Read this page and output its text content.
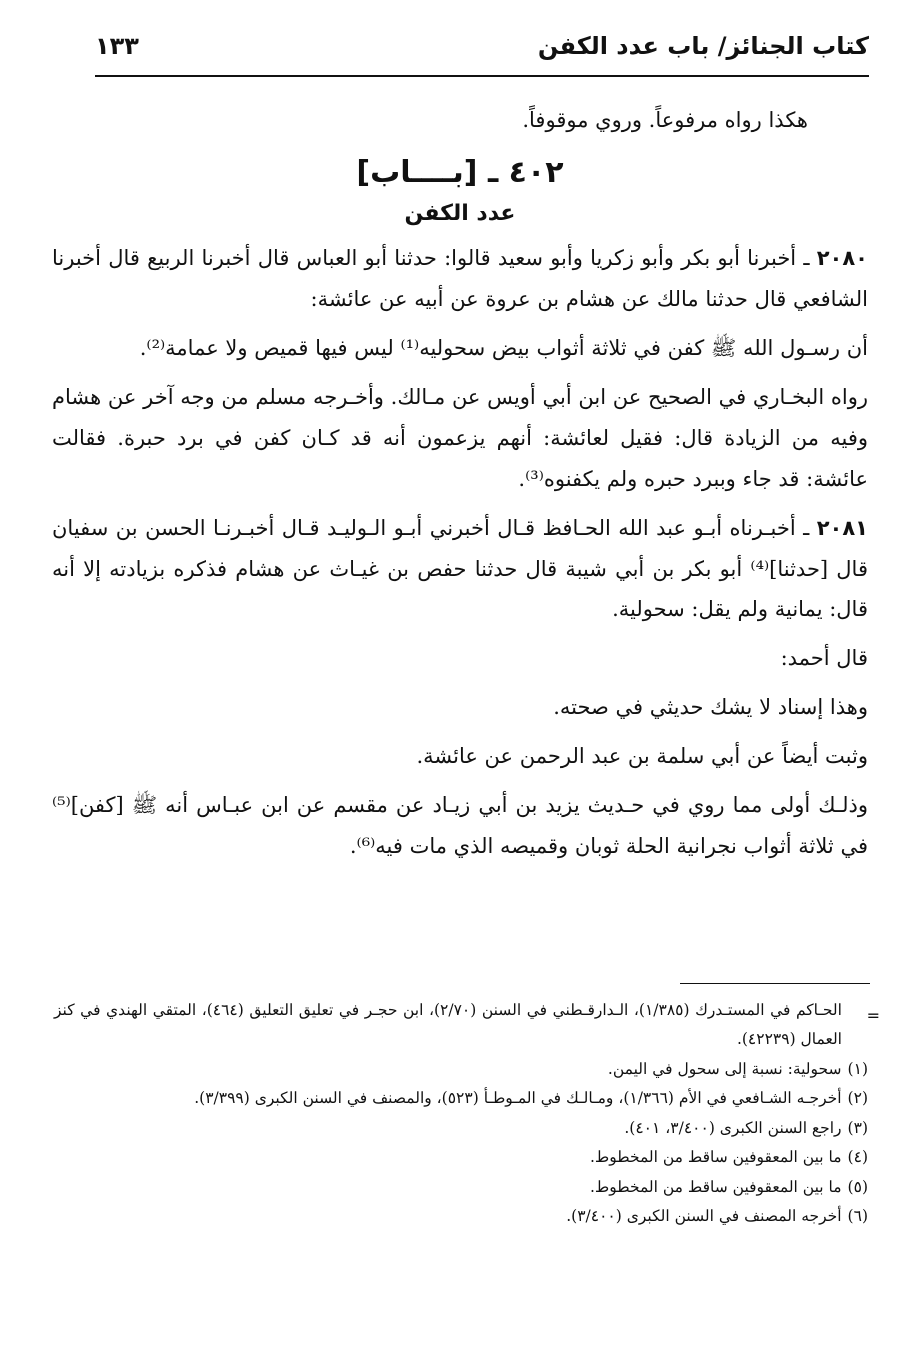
كتاب الجنائز/ باب عدد الكفن
١٣٣

هكذا رواه مرفوعاً. وروي موقوفاً.

٤٠٢ ـ [بــــاب]

عدد الكفن

٢٠٨٠ ـ أخبرنا أبو بكر وأبو زكريا وأبو سعيد قالوا: حدثنا أبو العباس قال أخبرنا الربيع قال أخبرنا الشافعي قال حدثنا مالك عن هشام بن عروة عن أبيه عن عائشة:

أن رسـول الله ﷺ كفن في ثلاثة أثواب بيض سحوليه⁽¹⁾ ليس فيها قميص ولا عمامة⁽²⁾.

رواه البخـاري في الصحيح عن ابن أبي أويس عن مـالك. وأخـرجه مسلم من وجه آخر عن هشام وفيه من الزيادة قال: فقيل لعائشة: أنهم يزعمون أنه قد كـان كفن في برد حبرة. فقالت عائشة: قد جاء وببرد حبره ولم يكفنوه⁽³⁾.

٢٠٨١ ـ أخبـرناه أبـو عبد الله الحـافظ قـال أخبرني أبـو الـوليـد قـال أخبـرنـا الحسن بن سفيان قال [حدثنا]⁽⁴⁾ أبو بكر بن أبي شيبة قال حدثنا حفص بن غيـاث عن هشام فذكره بزيادته إلا أنه قال: يمانية ولم يقل: سحولية.

قال أحمد:

وهذا إسناد لا يشك حديثي في صحته.

وثبت أيضاً عن أبي سلمة بن عبد الرحمن عن عائشة.

وذلـك أولى مما روي في حـديث يزيد بن أبي زيـاد عن مقسم عن ابن عبـاس أنه ﷺ [كفن]⁽⁵⁾ في ثلاثة أثواب نجرانية الحلة ثوبان وقميصه الذي مات فيه⁽⁶⁾.

=

الحـاكم في المستـدرك (١/٣٨٥)، الـدارقـطني في السنن (٢/٧٠)، ابن حجـر في تعليق التعليق (٤٦٤)، المتقي الهندي في كنز العمال (٤٢٢٣٩).

(١)

سحولية: نسبة إلى سحول في اليمن.

(٢)

أخرجـه الشـافعي في الأم (١/٣٦٦)، ومـالـك في المـوطـأ (٥٢٣)، والمصنف في السنن الكبرى (٣/٣٩٩).

(٣)

راجع السنن الكبرى (٣/٤٠٠، ٤٠١).

(٤)

ما بين المعقوفين ساقط من المخطوط.

(٥)

ما بين المعقوفين ساقط من المخطوط.

(٦)

أخرجه المصنف في السنن الكبرى (٣/٤٠٠).
